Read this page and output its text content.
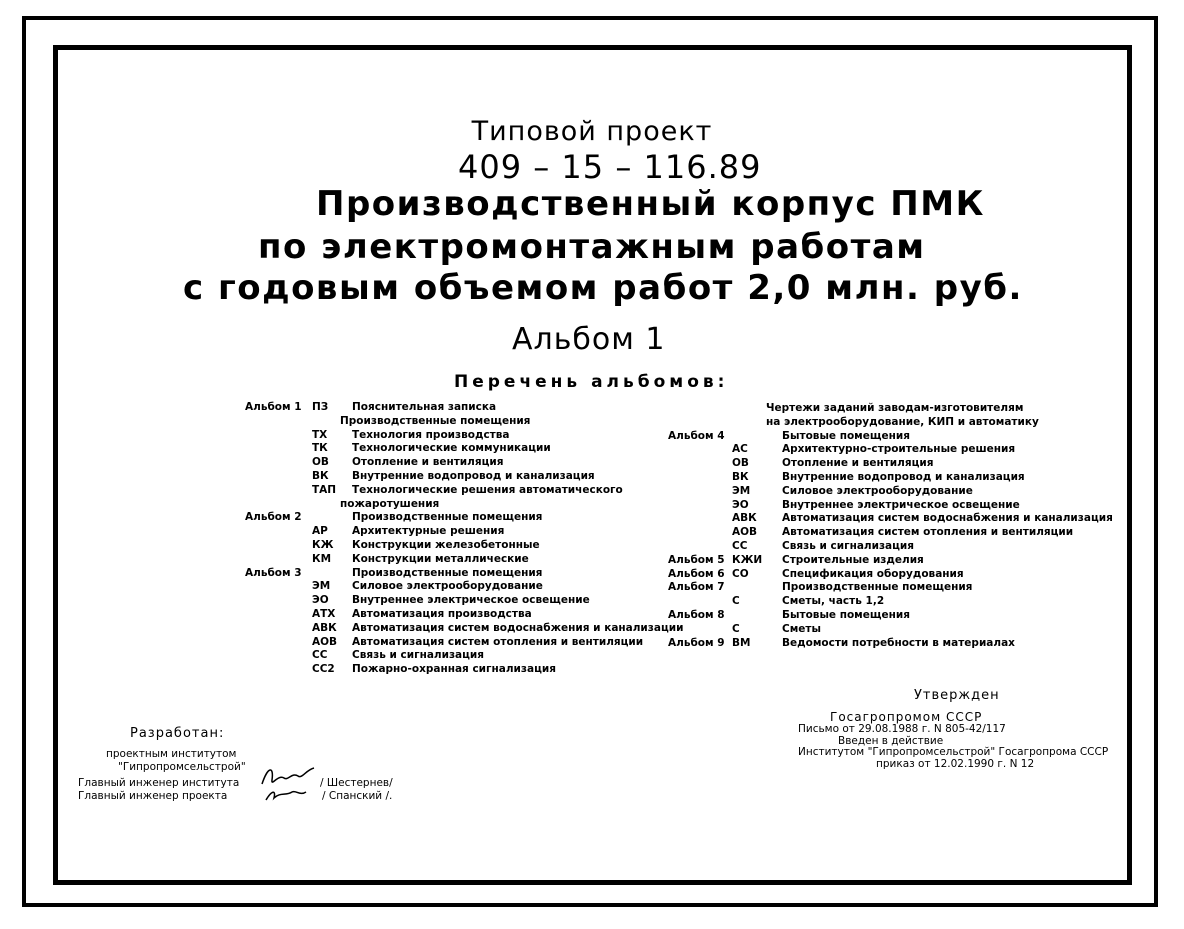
Типовой проект
409 – 15 – 116.89
Производственный корпус ПМК
по электромонтажным работам
с годовым объемом работ 2,0 млн. руб.
Альбом 1
Перечень альбомов:
Альбом 1 ПЗ Пояснительная записка
Производственные помещения
ТХ Технология производства
ТК Технологические коммуникации
ОВ Отопление и вентиляция
ВК Внутренние водопровод и канализация
ТАП Технологические решения автоматического
пожаротушения
Альбом 2	Производственные помещения
АР Архитектурные решения
КЖ Конструкции железобетонные
КМ Конструкции металлические
Альбом 3	Производственные помещения
ЭМ Силовое электрооборудование
ЭО Внутреннее электрическое освещение
АТХ Автоматизация производства
АВК Автоматизация систем водоснабжения и канализации
АОВ Автоматизация систем отопления и вентиляции
СС Связь и сигнализация
СС2 Пожарно-охранная сигнализация
Чертежи заданий заводам-изготовителям
на электрооборудование, КИП и автоматику
Альбом 4	Бытовые помещения
АС	Архитектурно-строительные решения
ОВ	Отопление и вентиляция
ВК	Внутренние водопровод и канализация
ЭМ	Силовое электрооборудование
ЭО	Внутреннее электрическое освещение
АВК Автоматизация систем водоснабжения и канализация
АОВ Автоматизация систем отопления и вентиляции
СС	Связь и сигнализация
Альбом 5 КЖИ Строительные изделия
Альбом 6 СО	Спецификация оборудования
Альбом 7	Производственные помещения
С	Сметы, часть 1,2
Альбом 8	Бытовые помещения
С	Сметы
Альбом 9 ВМ	Ведомости потребности в материалах
Утвержден
Госагропромом СССР
Письмо от 29.08.1988 г. N 805-42/117
Введен в действие
Институтом "Гипропромсельстрой" Госагропрома СССР
приказ от 12.02.1990 г. N 12
Разработан:
проектным институтом
"Гипропромсельстрой"
Главный инженер института
Главный инженер проекта
/ Шестернев/
/ Спанский /.
